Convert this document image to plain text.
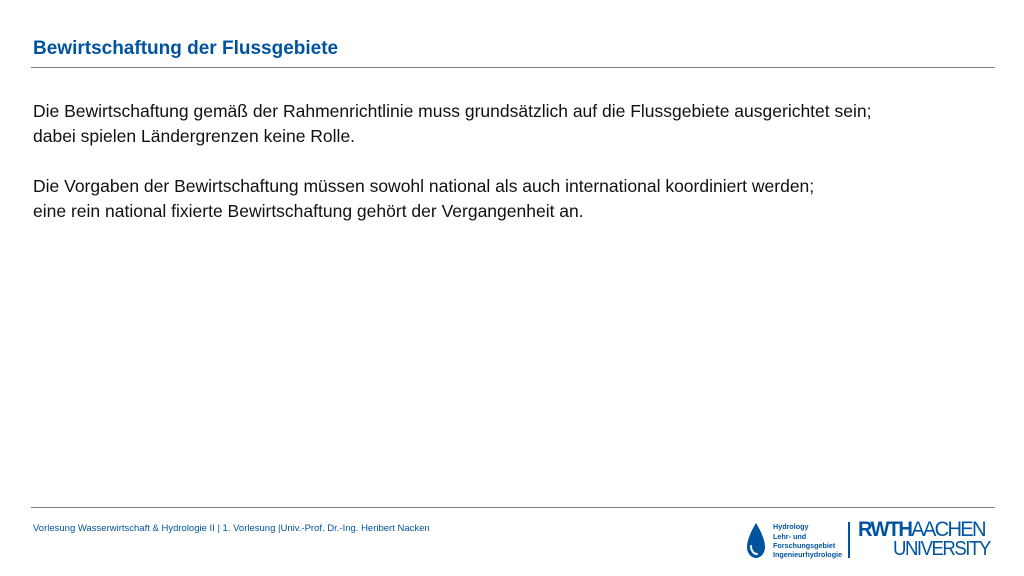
Bewirtschaftung der Flussgebiete

Die Bewirtschaftung gemäß der Rahmenrichtlinie muss grundsätzlich auf die Flussgebiete ausgerichtet sein;
dabei spielen Ländergrenzen keine Rolle.

Die Vorgaben der Bewirtschaftung müssen sowohl national als auch international koordiniert werden;
eine rein national fixierte Bewirtschaftung gehört der Vergangenheit an.

Vorlesung Wasserwirtschaft & Hydrologie II | 1. Vorlesung |Univ.-Prof. Dr.-Ing. Heribert Nacken	Hydrology
Lehr- und
Forschungsgebiet
Ingenieurhydrologie
RWTHAACHEN
UNIVERSITY
